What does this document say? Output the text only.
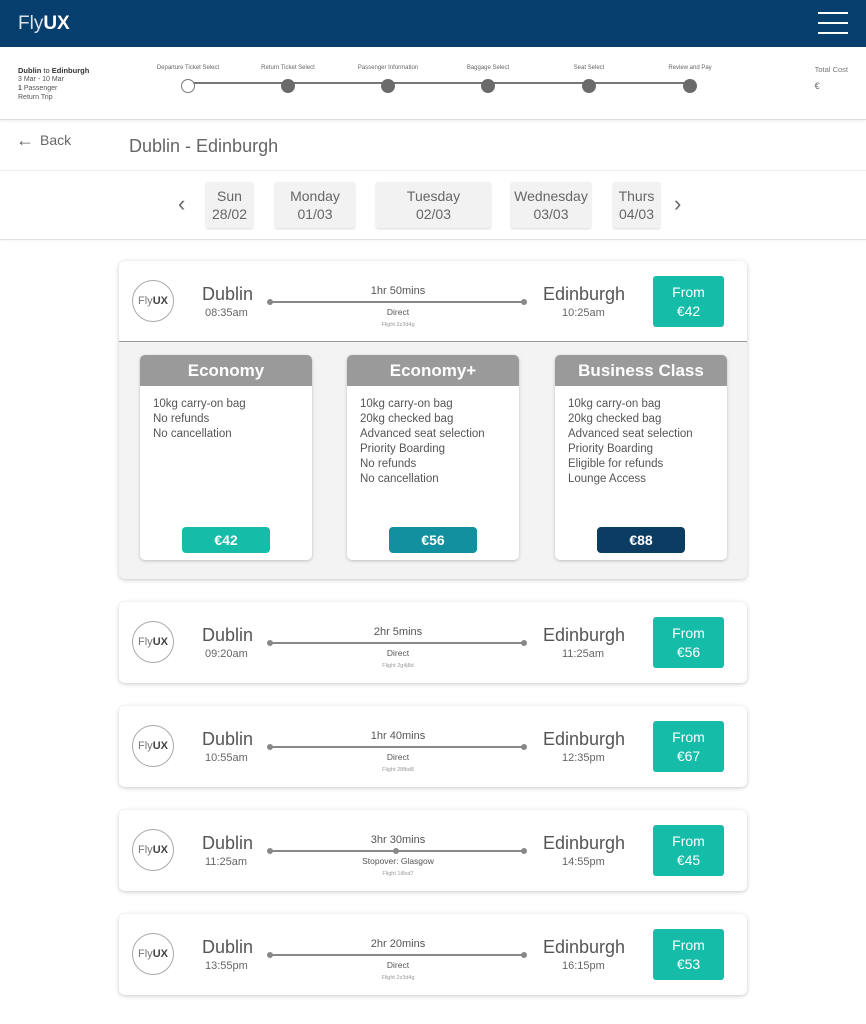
FlyUX
Dublin to Edinburgh
3 Mar - 10 Mar
1 Passenger
Return Trip
Departure Ticket Select	Return Ticket Select	Passenger Information	Baggage Select	Seat Select	Review and Pay	Total Cost
€
← Back	Dublin - Edinburgh
‹	Sun
28/02
Monday
01/03
Tuesday
02/03
Wednesday
03/03
Thurs
04/03 ›
FlyUX	Dublin
08:35am
1hr 50mins
Direct
Flight 2z3d4g
Edinburgh
10:25am
From
€42
Economy
10kg carry-on bag
No refunds
No cancellation
€42
Economy+
10kg carry-on bag
20kg checked bag
Advanced seat selection
Priority Boarding
No refunds
No cancellation
€56
Business Class
10kg carry-on bag
20kg checked bag
Advanced seat selection
Priority Boarding
Eligible for refunds
Lounge Access
€88
FlyUX	Dublin
09:20am
2hr 5mins
Direct
Flight 2g4j8d
Edinburgh
11:25am
From
€56
FlyUX	Dublin
10:55am
1hr 40mins
Direct
Flight 28fbd8
Edinburgh
12:35pm
From
€67
FlyUX	Dublin
11:25am
3hr 30mins
Stopover: Glasgow
Flight 1i8xd7
Edinburgh
14:55pm
From
€45
FlyUX	Dublin
13:55pm
2hr 20mins
Direct
Flight 2z3d4g
Edinburgh
16:15pm
From
€53
